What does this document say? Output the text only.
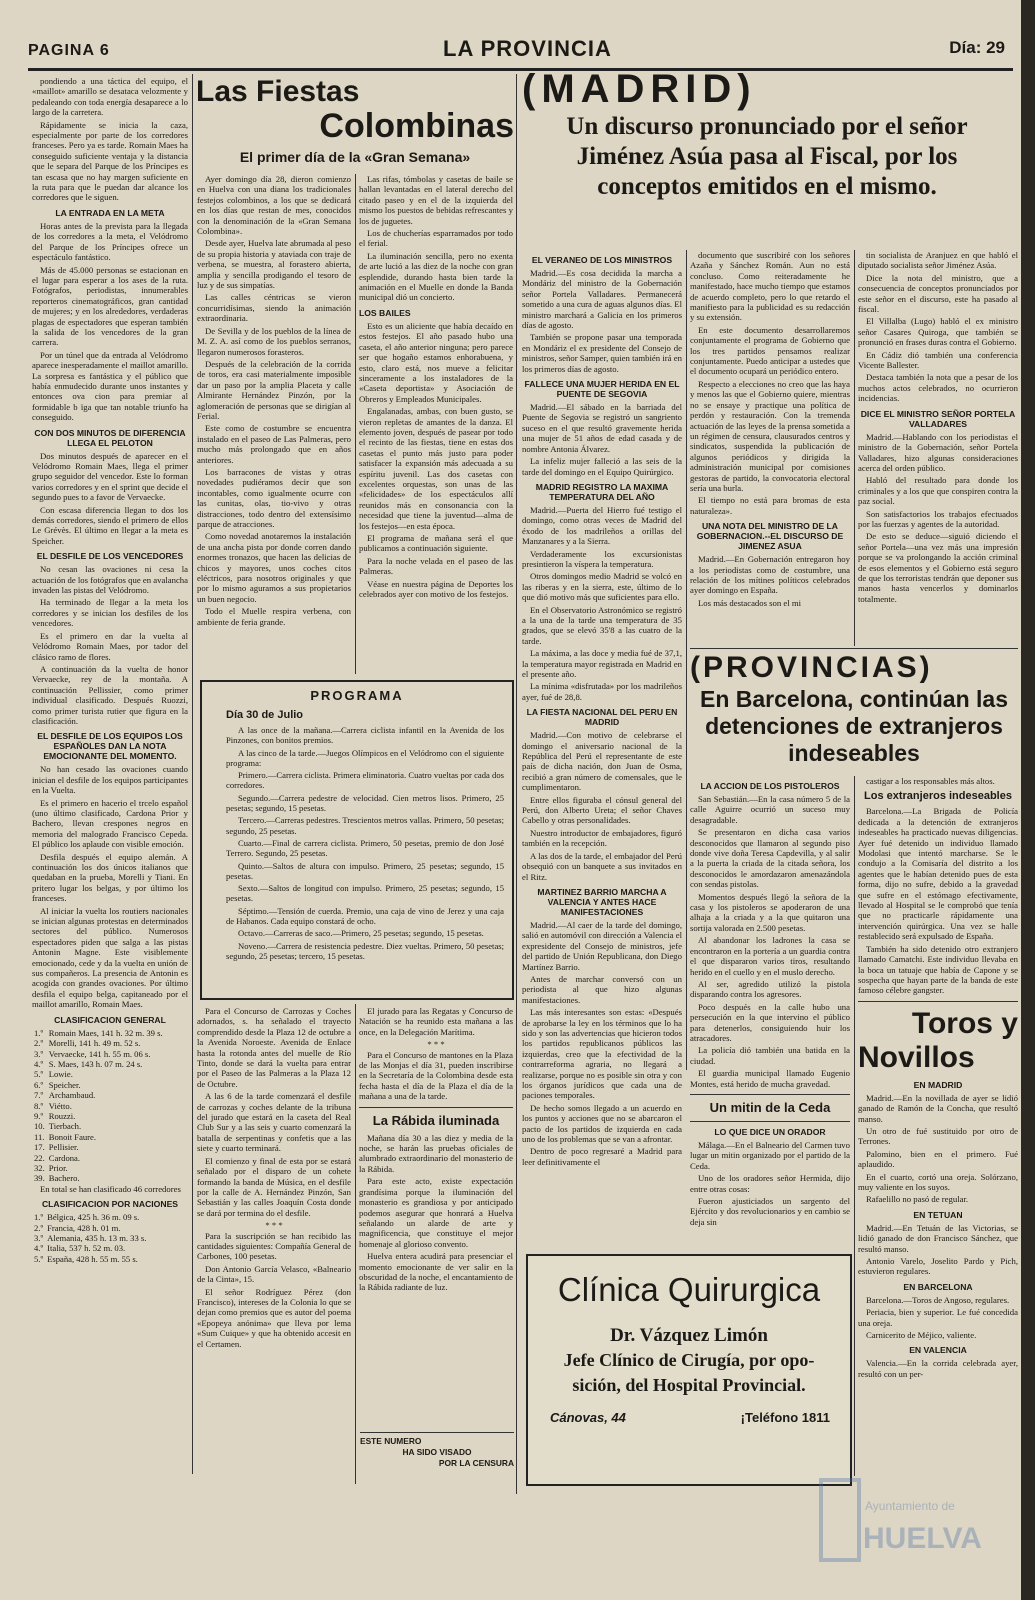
PAGINA 6	LA PROVINCIA	Día: 29

pondiendo a una táctica del equipo, el «maillot» amarillo se desataca velozmente y pedaleando con toda energía desaparece a lo largo de la carretera.

Rápidamente se inicia la caza, especialmente por parte de los corredores franceses. Pero ya es tarde. Romain Maes ha conseguido suficiente ventaja y la distancia que le separa del Parque de los Príncipes es tan escasa que no hay margen suficiente en la ruta para que le puedan dar alcance los corredores que le siguen.

LA ENTRADA EN LA META

Horas antes de la prevista para la llegada de los corredores a la meta, el Velódromo del Parque de los Príncipes ofrece un espectáculo fantástico.

Más de 45.000 personas se estacionan en el lugar para esperar a los ases de la ruta. Fotógrafos, periodistas, innumerables reporteros cinematográficos, gran cantidad de mujeres; y en los alrededores, verdaderas plagas de espectadores que esperan también la salida de los vencedores de la gran carrera.

Por un túnel que da entrada al Velódromo aparece inesperadamente el maillot amarillo. La sorpresa es fantástica y el público que había enmudecido durante unos instantes y entonces ova cion para premiar al formidable b ïga que tan notable triunfo ha conseguido.

CON DOS MINUTOS DE DIFERENCIA LLEGA EL PELOTON

Dos minutos después de aparecer en el Velódromo Romain Maes, llega el primer grupo seguidor del vencedor. Este lo forman varios corredores y en el sprint que decide el segundo pues to a favor de Vervaecke.

Con escasa diferencia llegan to dos los demás corredores, siendo el primero de ellos Le Grévès. El último en llegar a la meta es Speicher.

EL DESFILE DE LOS VENCEDORES

No cesan las ovaciones ni cesa la actuación de los fotógrafos que en avalancha invaden las pistas del Velódromo.

Ha terminado de llegar a la meta los corredores y se inician los desfiles de los vencedores.

Es el primero en dar la vuelta al Velódromo Romain Maes, por tador del clásico ramo de flores.

A continuación da la vuelta de honor Vervaecke, rey de la montaña. A continuación Pellissier, como primer individual clasificado. Después Ruozzi, como primer turista rutier que figura en la clasificación.

EL DESFILE DE LOS EQUIPOS LOS ESPAÑOLES DAN LA NOTA EMOCIONANTE DEL MOMENTO.

No han cesado las ovaciones cuando inician el desfile de los equipos participantes en la Vuelta.

Es el primero en hacerio el trcelo español (uno último clasificado, Cardona Prior y Bachero, llevan crespones negros en memoria del malogrado Francisco Cepeda. El público los aplaude con visible emoción.

Desfila después el equipo alemán. A continuación los dos únicos italianos que quedaban en la prueba, Morelli y Tiani. En pritero lugar los belgas, y por último los franceses.

Al iniciar la vuelta los routiers nacionales se inician algunas protestas en determinados sectores del público. Numerosos espectadores piden que salga a las pistas Antonin Magne. Este visiblemente emocionado, cede y da la vuelta en unión de sus compañeros. La presencia de Antonin es acogida con grandes ovaciones. Por último desfila el equipo belga, capitaneado por el maillot amarillo, Romain Maes.

CLASIFICACION GENERAL
1.º	Romain Maes, 141 h. 32 m. 39 s.
2.º	Morelli, 141 h. 49 m. 52 s.
3.º	Vervaecke, 141 h. 55 m. 06 s.
4.º	S. Maes, 143 h. 07 m. 24 s.
5.º	Lowie.
6.º	Speicher.
7.º	Archambaud.
8.º	Viétto.
9.º	Rouzzi.
10.	Tierbach.
11.	Bonoit Faure.
17.	Pellisier.
22.	Cardona.
32.	Prior.
39.	Bachero.

En total se han clasificado 46 corredores

CLASIFICACION POR NACIONES
1.º	Bélgica, 425 h. 36 m. 09 s.
2.º	Francia, 428 h. 01 m.
3.º	Alemania, 435 h. 13 m. 33 s.
4.º	Italia, 537 h. 52 m. 03.
5.º	España, 428 h. 55 m. 55 s.
Las Fiestas
Colombinas
El primer día de la «Gran Semana»

Ayer domingo día 28, dieron comienzo en Huelva con una diana los tradicionales festejos colombinos, a los que se dedicará en los días que restan de mes, conocidos con la denominación de la «Gran Semana Colombina».

Desde ayer, Huelva late abrumada al peso de su propia historia y ataviada con traje de verbena, se muestra, al forastero abierta, amplia y sencilla prodigando el tesoro de luz y de sus simpatías.

Las calles céntricas se vieron concurridísimas, siendo la animación extraordinaria.

De Sevilla y de los pueblos de la línea de M. Z. A. así como de los pueblos serranos, llegaron numerosos forasteros.

Después de la celebración de la corrida de toros, era casi materialmente imposible dar un paso por la amplia Placeta y calle Almirante Hernández Pinzón, por la aglomeración de personas que se dirigían al Ferial.

Este como de costumbre se encuentra instalado en el paseo de Las Palmeras, pero mucho más prolongado que en años anteriores.

Los barracones de vistas y otras novedades pudiéramos decir que son incontables, como igualmente ocurre con las cunitas, olas, tio-vivo y otras distracciones, todo dentro del extensísimo parque de atracciones.

Como novedad anotaremos la instalación de una ancha pista por donde corren dando enormes tronazos, que hacen las delicias de chicos y mayores, unos coches citos eléctricos, para nosotros originales y que por lo mismo aguramos a sus propietarios un buen negocio.

Todo el Muelle respira verbena, con ambiente de feria grande.

Las rifas, tómbolas y casetas de baile se hallan levantadas en el lateral derecho del citado paseo y en el de la izquierda del mismo los puestos de bebidas refrescantes y los de juguetes.

Los de chucherías esparramados por todo el ferial.

La iluminación sencilla, pero no exenta de arte lució a las diez de la noche con gran esplendide, durando hasta bien tarde la animación en el Muelle en donde la Banda municipal dió un concierto.

LOS BAILES

Esto es un aliciente que había decaído en estos festejos. El año pasado hubo una caseta, el año anterior ninguna; pero parece ser que hogaño estamos enhorabuena, y esto, claro está, nos mueve a felicitar sinceramente a los instaladores de la «Caseta deportista» y Asociación de Obreros y Empleados Municipales.

Engalanadas, ambas, con buen gusto, se vieron repletas de amantes de la danza. El elemento joven, después de pasear por todo el recinto de las fiestas, tiene en estas dos casetas el punto más justo para poder satisfacer la expansión más adecuada a su espíritu juvenil. Las dos casetas con excelentes orquestas, son unas de las «felicidades» de los espectáculos allí reunidos más en consonancia con la necesidad que tiene la juventud—alma de los festejos—en esta época.

El programa de mañana será el que publicamos a continuación siguiente.

Para la noche velada en el paseo de las Palmeras.

Véase en nuestra página de Deportes los celebrados ayer con motivo de los festejos.

PROGRAMA
Día 30 de Julio

A las once de la mañana.—Carrera ciclista infantil en la Avenida de los Pinzones, con bonitos premios.

A las cinco de la tarde.—Juegos Olímpicos en el Velódromo con el siguiente programa:

Primero.—Carrera ciclista. Primera eliminatoria. Cuatro vueltas por cada dos corredores.

Segundo.—Carrera pedestre de velocidad. Cien metros lisos. Primero, 25 pesetas; segundo, 15 pesetas.

Tercero.—Carreras pedestres. Trescientos metros vallas. Primero, 50 pesetas; segundo, 25 pesetas.

Cuarto.—Final de carrera ciclista. Primero, 50 pesetas, premio de don José Terrero. Segundo, 25 pesetas.

Quinto.—Saltos de altura con impulso. Primero, 25 pesetas; segundo, 15 pesetas.

Sexto.—Saltos de longitud con impulso. Primero, 25 pesetas; segundo, 15 pesetas.

Séptimo.—Tensión de cuerda. Premio, una caja de vino de Jerez y una caja de Habanos. Cada equipo constará de ocho.

Octavo.—Carreras de saco.—Primero, 25 pesetas; segundo, 15 pesetas.

Noveno.—Carrera de resistencia pedestre. Diez vueltas. Primero, 50 pesetas; segundo, 25 pesetas; tercero, 15 pesetas.

Para el Concurso de Carrozas y Coches adornados, s. ha señalado el trayecto comprendido desde la Plaza 12 de octubre a la Avenida Noroeste. Avenida de Enlace hasta la rotonda antes del muelle de Río Tinto, donde se dará la vuelta para entrar por el Paseo de las Palmeras a la Plaza 12 de Octubre.

A las 6 de la tarde comenzará el desfile de carrozas y coches delante de la tribuna del jurado que estará en la caseta del Real Club Sur y a las seis y cuarto comenzará la batalla de serpentinas y confetis que a las siete y cuarto terminará.

El comienzo y final de esta por se estará señalado por el disparo de un cohete formando la banda de Música, en el desfile por la calle de A. Hernández Pinzón, San Sebastián y las calles Joaquín Costa donde se dará por termina do el desfile.

* * *

Para la suscripción se han recibido las cantidades siguientes: Compañía General de Carbones, 100 pesetas.

Don Antonio García Velasco, «Balneario de la Cinta», 15.

El señor Rodríguez Pérez (don Francisco), intereses de la Colonia lo que se dejan como premios que es autor del poema «Epopeya anónima» que lleva por lema «Sum Cuique» y que ha obtenido accesit en el Certamen.

El jurado para las Regatas y Concurso de Natación se ha reunido esta mañana a las once, en la Delegación Marítima.

* * *

Para el Concurso de mantones en la Plaza de las Monjas el día 31, pueden inscribirse en la Secretaría de la Colombina desde esta fecha hasta el día de la Plaza el día de la mañana a una de la tarde.

La Rábida iluminada

Mañana día 30 a las diez y media de la noche, se harán las pruebas oficiales de alumbrado extraordinario del monasterio de la Rábida.

Para este acto, existe expectación grandísima porque la iluminación del monasterio es grandiosa y por anticipado podemos asegurar que honrará a Huelva señalando un alarde de arte y magnificencia, que constituye el mejor homenaje al glorioso convento.

Huelva entera acudirá para presenciar el momento emocionante de ver salir en la obscuridad de la noche, el encantamiento de la Rábida radiante de luz.

ESTE NUMERO
HA SIDO VISADO
POR LA CENSURA
(MADRID)
Un discurso pronunciado por el señor Jiménez Asúa pasa al Fiscal, por los conceptos emitidos en el mismo.
EL VERANEO DE LOS MINISTROS

Madrid.—Es cosa decidida la marcha a Mondáriz del ministro de la Gobernación señor Portela Valladares. Permanecerá sometido a una cura de aguas algunos días. El ministro marchará a Galicia en los primeros días de agosto.

También se propone pasar una temporada en Mondáriz el ex presidente del Consejo de ministros, señor Samper, quien también irá en los primeros días de agosto.

FALLECE UNA MUJER HERIDA EN EL PUENTE DE SEGOVIA

Madrid.—El sábado en la barriada del Puente de Segovia se registró un sangriento suceso en el que resultó gravemente herida una mujer de 51 años de edad casada y de nombre Antonia Álvarez.

La infeliz mujer falleció a las seis de la tarde del domingo en el Equipo Quirúrgico.

MADRID REGISTRO LA MAXIMA TEMPERATURA DEL AÑO

Madrid.—Puerta del Hierro fué testigo el domingo, como otras veces de Madrid del éxodo de los madrileños a orillas del Manzanares y a la Sierra.

Verdaderamente los excursionistas presintieron la víspera la temperatura.

Otros domingos medio Madrid se volcó en las riberas y en la sierra, este, último de lo que dió motivo más que suficientes para ello.

En el Observatorio Astronómico se registró a la una de la tarde una temperatura de 35 grados, que se elevó 35'8 a las cuatro de la tarde.

La máxima, a las doce y media fué de 37,1, la temperatura mayor registrada en Madrid en el presente año.

La mínima «disfrutada» por los madrileños ayer, fué de 28,8.

LA FIESTA NACIONAL DEL PERU EN MADRID

Madrid.—Con motivo de celebrarse el domingo el aniversario nacional de la República del Perú el representante de este país de dicha nación, don Juan de Osma, recibió a gran número de comensales, que le cumplimentaron.

Entre ellos figuraba el cónsul general del Perú, don Alberto Ureta; el señor Chaves Cabello y otras personalidades.

Nuestro introductor de embajadores, figuró también en la recepción.

A las dos de la tarde, el embajador del Perú obsequió con un banquete a sus invitados en el Ritz.

MARTINEZ BARRIO MARCHA A VALENCIA Y ANTES HACE MANIFESTACIONES

Madrid.—Al caer de la tarde del domingo, salió en automóvil con dirección a Valencia el expresidente del Consejo de ministros, jefe del partido de Unión Republicana, don Diego Martínez Barrio.

Antes de marchar conversó con un periodista al que hizo algunas manifestaciones.

Las más interesantes son estas: «Después de aprobarse la ley en los términos que lo ha sido y son las advertencias que hicieron todos los partidos republicanos públicos las izquierdas, creo que la efectividad de la contrarreforma agraria, no llegará a realizarse, porque no es posible sin otra y con los órganos jurídicos que cada una de paciones temporales.

De hecho somos llegado a un acuerdo en los puntos y acciones que no se abarcaron el pacto de los partidos de izquierda en cada uno de los problemas que se van a afrontar.

Dentro de poco regresaré a Madrid para leer definitivamente el

documento que suscribiré con los señores Azaña y Sánchez Román. Aun no está concluso. Como reiteradamente he manifestado, hace mucho tiempo que estamos de acuerdo completo, pero lo que retardo el manifiesto para la publicidad es su redacción y su extensión.

En este documento desarrollaremos conjuntamente el programa de Gobierno que los tres partidos pensamos realizar conjuntamente. Puedo anticipar a ustedes que el documento ocupará un periódico entero.

Respecto a elecciones no creo que las haya y menos las que el Gobierno quiere, mientras no se ensaye y practique una política de perdón y restauración. Con la tremenda actuación de las leyes de la prensa sometida a un régimen de censura, clausurados centros y sindicatos, suspendida la publicación de algunos periódicos y dirigida la administración municipal por comisiones gestoras de partido, la convocatoria electoral sería una burla.

El tiempo no está para bromas de esta naturaleza».

UNA NOTA DEL MINISTRO DE LA GOBERNACION.--EL DISCURSO DE JIMENEZ ASUA

Madrid.—En Gobernación entregaron hoy a los periodistas como de costumbre, una relación de los mítines políticos celebrados ayer domingo en España.

Los más destacados son el mi

tin socialista de Aranjuez en que habló el diputado socialista señor Jiménez Asúa.

Dice la nota del ministro, que a consecuencia de conceptos pronunciados por este señor en el discurso, este ha pasado al fiscal.

El Villalba (Lugo) habló el ex ministro señor Casares Quiroga, que también se pronunció en frases duras contra el Gobierno.

En Cádiz dió también una conferencia Vicente Ballester.

Destaca también la nota que a pesar de los muchos actos celebrados, no ocurrieron incidencias.

DICE EL MINISTRO SEÑOR PORTELA VALLADARES

Madrid.—Hablando con los periodistas el ministro de la Gobernación, señor Portela Valladares, hizo algunas consideraciones acerca del orden público.

Habló del resultado para donde los criminales y a los que que conspiren contra la paz social.

Son satisfactorios los trabajos efectuados por las fuerzas y agentes de la autoridad.

De esto se deduce—siguió diciendo el señor Portela—una vez más una impresión porque se va prolongando la acción criminal de esos elementos y el Gobierno está seguro de que los terroristas tendrán que deponer sus manos hasta vencerlos y dominarlos totalmente.

(PROVINCIAS)
En Barcelona, continúan las detenciones de extranjeros indeseables
LA ACCION DE LOS PISTOLEROS

San Sebastián.—En la casa número 5 de la calle Aguirre ocurrió un suceso muy desagradable.

Se presentaron en dicha casa varios desconocidos que llamaron al segundo piso donde vive doña Teresa Capdevilla, y al salir a la puerta la criada de la citada señora, los desconocidos le amordazaron amenazándola con sendas pistolas.

Momentos después llegó la señora de la casa y los pistoleros se apoderaron de una alhaja a la criada y a la que quitaron una sortija valorada en 2.500 pesetas.

Al abandonar los ladrones la casa se encontraron en la portería a un guardia contra el que dispararon varios tiros, resultando herido en el cuello y en el muslo derecho.

Al ser, agredido utilizó la pistola disparando contra los agresores.

Poco después en la calle hubo una persecución en la que intervino el público para detenerlos, consiguiendo huir los atracadores.

La policía dió también una batida en la ciudad.

El guardia municipal llamado Eugenio Montes, está herido de mucha gravedad.

Un mitin de la Ceda
LO QUE DICE UN ORADOR

Málaga.—En el Balneario del Carmen tuvo lugar un mitin organizado por el partido de la Ceda.

Uno de los oradores señor Hermida, dijo entre otras cosas:

Fueron ajusticiados un sargento del Ejército y dos revolucionarios y en cambio se deja sin

castigar a los responsables más altos.

Los extranjeros indeseables

Barcelona.—La Brigada de Policía dedicada a la detención de extranjeros indeseables ha practicado nuevas diligencias. Ayer fué detenido un individuo llamado Modolasi que intentó marcharse. Se le condujo a la Comisaría del distrito a los agentes que le habían detenido pues de esta forma, dijo no sufre, debido a la gravedad que sufre en el estómago efectivamente, llevado al Hospital se le comprobó que tenía que no practicarle rápidamente una intervención quirúrgica. Una vez se halle restablecido será expulsado de España.

También ha sido detenido otro extranjero llamado Camatchi. Este individuo llevaba en la boca un tatuaje que había de Capone y se sospecha que hayan parte de la banda de este famoso célebre gangster.

Toros y
Novillos
EN MADRID

Madrid.—En la novillada de ayer se lidió ganado de Ramón de la Concha, que resultó manso.

Un otro de fué sustituido por otro de Terrones.

Palomino, bien en el primero. Fué aplaudido.

En el cuarto, cortó una oreja. Solórzano, muy valiente en los suyos.

Rafaelillo no pasó de regular.

EN TETUAN

Madrid.—En Tetuán de las Victorias, se lidió ganado de don Francisco Sánchez, que resultó manso.

Antonio Varelo, Joselito Pardo y Pich, estuvieron regulares.

EN BARCELONA

Barcelona.—Toros de Angoso, regulares.

Periacia, bien y superior. Le fué concedida una oreja.

Carnicerito de Méjico, valiente.

EN VALENCIA

Valencia.—En la corrida celebrada ayer, resultó con un per-

Clínica Quirurgica
Dr. Vázquez Limón
Jefe Clínico de Cirugía, por opo-
sición, del Hospital Provincial.
Cánovas, 44	¡Teléfono 1811
Ayuntamiento de
HUELVA
